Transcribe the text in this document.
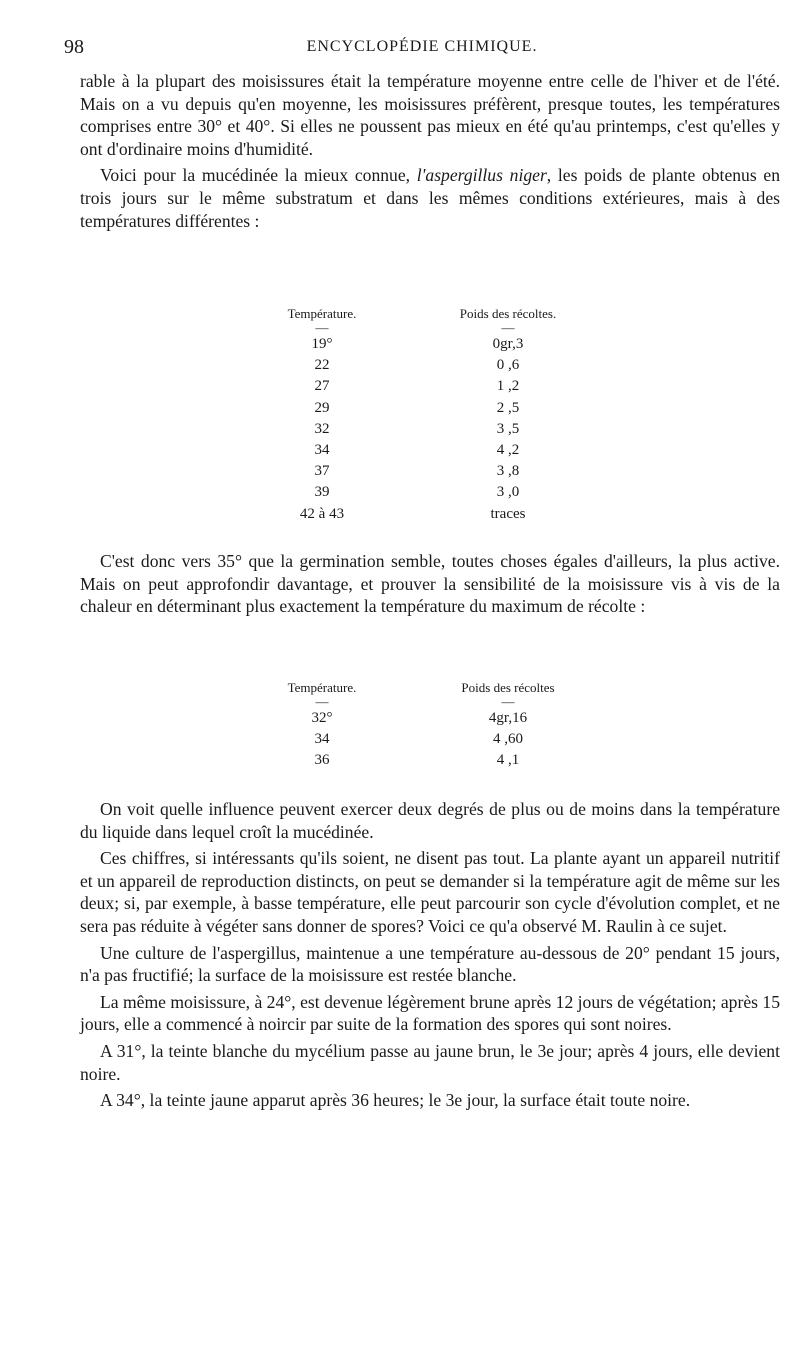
98	ENCYCLOPÉDIE CHIMIQUE.

rable à la plupart des moisissures était la température moyenne entre celle de l'hiver et de l'été. Mais on a vu depuis qu'en moyenne, les moisissures préfèrent, presque toutes, les températures comprises entre 30° et 40°. Si elles ne poussent pas mieux en été qu'au printemps, c'est qu'elles y ont d'ordinaire moins d'humidité.

Voici pour la mucédinée la mieux connue, l'aspergillus niger, les poids de plante obtenus en trois jours sur le même substratum et dans les mêmes conditions extérieures, mais à des températures différentes :

Température.
—
19°
22
27
29
32
34
37
39
42 à 43
Poids des récoltes.
—
0gr,3
0 ,6
1 ,2
2 ,5
3 ,5
4 ,2
3 ,8
3 ,0
traces

C'est donc vers 35° que la germination semble, toutes choses égales d'ailleurs, la plus active. Mais on peut approfondir davantage, et prouver la sensibilité de la moisissure vis à vis de la chaleur en déterminant plus exactement la température du maximum de récolte :

Température.
—
32°
34
36
Poids des récoltes
—
4gr,16
4 ,60
4 ,1

On voit quelle influence peuvent exercer deux degrés de plus ou de moins dans la température du liquide dans lequel croît la mucédinée.

Ces chiffres, si intéressants qu'ils soient, ne disent pas tout. La plante ayant un appareil nutritif et un appareil de reproduction distincts, on peut se demander si la température agit de même sur les deux; si, par exemple, à basse température, elle peut parcourir son cycle d'évolution complet, et ne sera pas réduite à végéter sans donner de spores? Voici ce qu'a observé M. Raulin à ce sujet.

Une culture de l'aspergillus, maintenue a une température au-dessous de 20° pendant 15 jours, n'a pas fructifié; la surface de la moisissure est restée blanche.

La même moisissure, à 24°, est devenue légèrement brune après 12 jours de végétation; après 15 jours, elle a commencé à noircir par suite de la formation des spores qui sont noires.

A 31°, la teinte blanche du mycélium passe au jaune brun, le 3e jour; après 4 jours, elle devient noire.

A 34°, la teinte jaune apparut après 36 heures; le 3e jour, la surface était toute noire.
